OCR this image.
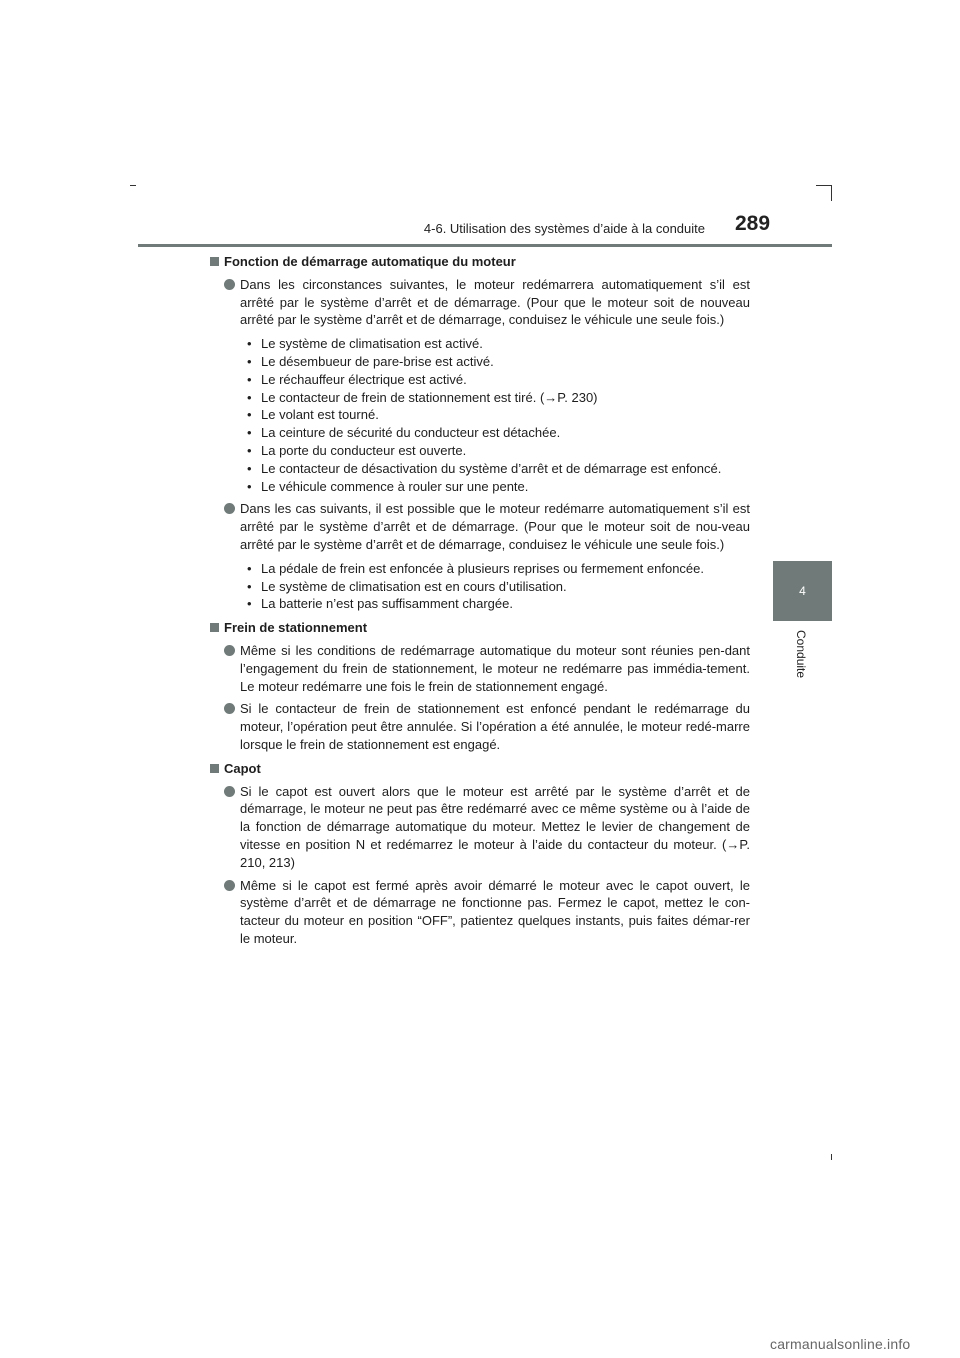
4-6. Utilisation des systèmes d’aide à la conduite 289
4
Conduite
Fonction de démarrage automatique du moteur
Dans les circonstances suivantes, le moteur redémarrera automatiquement s’il est arrêté par le système d’arrêt et de démarrage. (Pour que le moteur soit de nouveau arrêté par le système d’arrêt et de démarrage, conduisez le véhicule une seule fois.)
• Le système de climatisation est activé.
• Le désembueur de pare-brise est activé.
• Le réchauffeur électrique est activé.
• Le contacteur de frein de stationnement est tiré. (→P. 230)
• Le volant est tourné.
• La ceinture de sécurité du conducteur est détachée.
• La porte du conducteur est ouverte.
• Le contacteur de désactivation du système d’arrêt et de démarrage est enfoncé.
• Le véhicule commence à rouler sur une pente.
Dans les cas suivants, il est possible que le moteur redémarre automatiquement s’il est arrêté par le système d’arrêt et de démarrage. (Pour que le moteur soit de nou-veau arrêté par le système d’arrêt et de démarrage, conduisez le véhicule une seule fois.)
• La pédale de frein est enfoncée à plusieurs reprises ou fermement enfoncée.
• Le système de climatisation est en cours d’utilisation.
• La batterie n’est pas suffisamment chargée.
Frein de stationnement
Même si les conditions de redémarrage automatique du moteur sont réunies pen-dant l’engagement du frein de stationnement, le moteur ne redémarre pas immédia-tement. Le moteur redémarre une fois le frein de stationnement engagé.
Si le contacteur de frein de stationnement est enfoncé pendant le redémarrage du moteur, l’opération peut être annulée. Si l’opération a été annulée, le moteur redé-marre lorsque le frein de stationnement est engagé.
Capot
Si le capot est ouvert alors que le moteur est arrêté par le système d’arrêt et de démarrage, le moteur ne peut pas être redémarré avec ce même système ou à l’aide de la fonction de démarrage automatique du moteur. Mettez le levier de changement de vitesse en position N et redémarrez le moteur à l’aide du contacteur du moteur. (→P. 210, 213)
Même si le capot est fermé après avoir démarré le moteur avec le capot ouvert, le système d’arrêt et de démarrage ne fonctionne pas. Fermez le capot, mettez le con-tacteur du moteur en position “OFF”, patientez quelques instants, puis faites démar-rer le moteur.
carmanualsonline.info
